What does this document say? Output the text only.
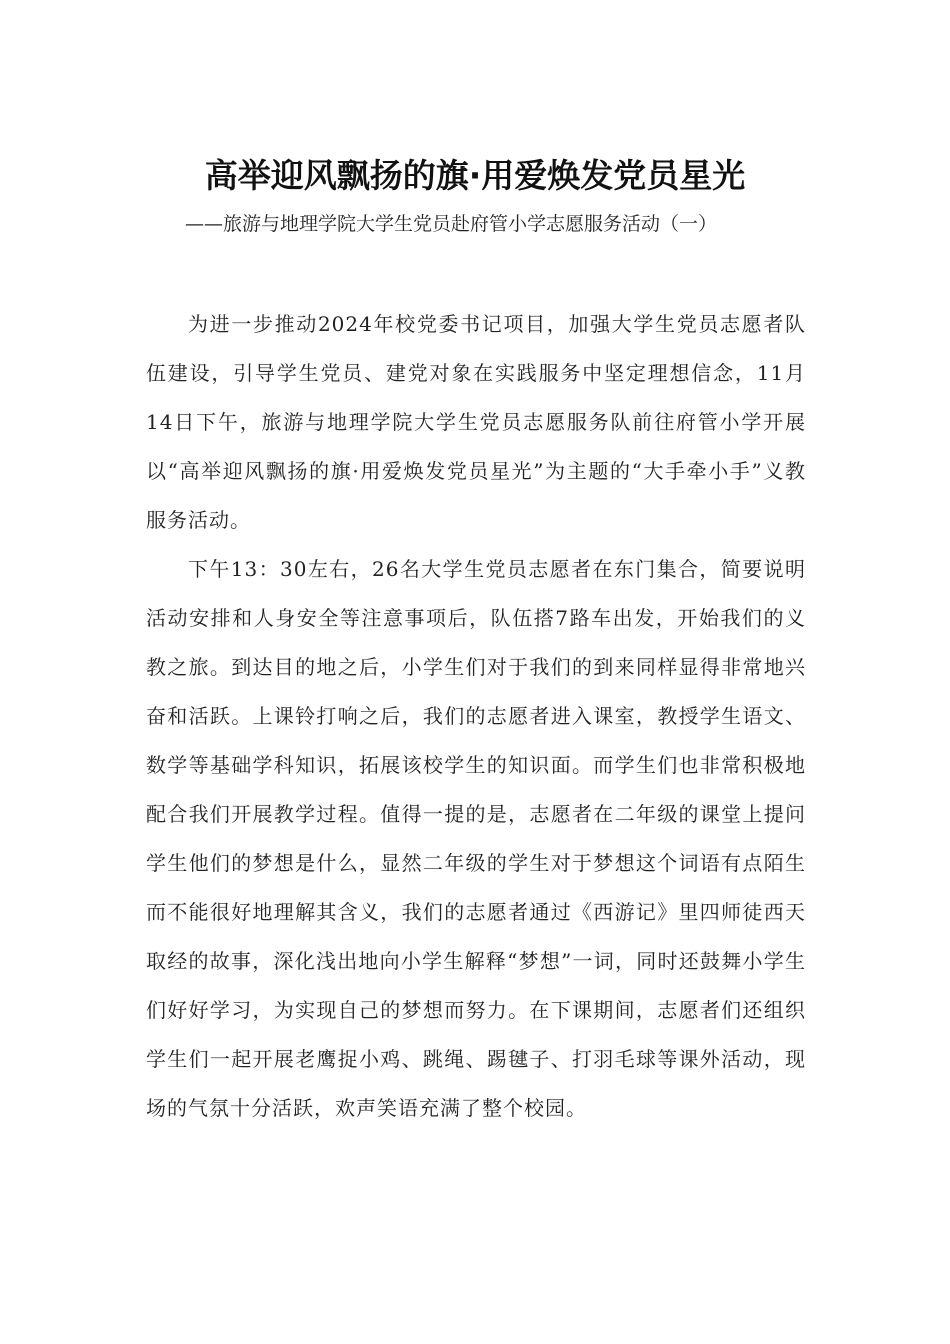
高举迎风飘扬的旗·用爱焕发党员星光
——旅游与地理学院大学生党员赴府管小学志愿服务活动（一）

为进一步推动2024年校党委书记项目，加强大学生党员志愿者队伍建设，引导学生党员、建党对象在实践服务中坚定理想信念，11月14日下午，旅游与地理学院大学生党员志愿服务队前往府管小学开展以“高举迎风飘扬的旗·用爱焕发党员星光”为主题的“大手牵小手”义教服务活动。

下午13：30左右，26名大学生党员志愿者在东门集合，简要说明活动安排和人身安全等注意事项后，队伍搭7路车出发，开始我们的义教之旅。到达目的地之后，小学生们对于我们的到来同样显得非常地兴奋和活跃。上课铃打响之后，我们的志愿者进入课室，教授学生语文、数学等基础学科知识，拓展该校学生的知识面。而学生们也非常积极地配合我们开展教学过程。值得一提的是，志愿者在二年级的课堂上提问学生他们的梦想是什么，显然二年级的学生对于梦想这个词语有点陌生而不能很好地理解其含义，我们的志愿者通过《西游记》里四师徒西天取经的故事，深化浅出地向小学生解释“梦想”一词，同时还鼓舞小学生们好好学习，为实现自己的梦想而努力。在下课期间，志愿者们还组织学生们一起开展老鹰捉小鸡、跳绳、踢毽子、打羽毛球等课外活动，现场的气氛十分活跃，欢声笑语充满了整个校园。
